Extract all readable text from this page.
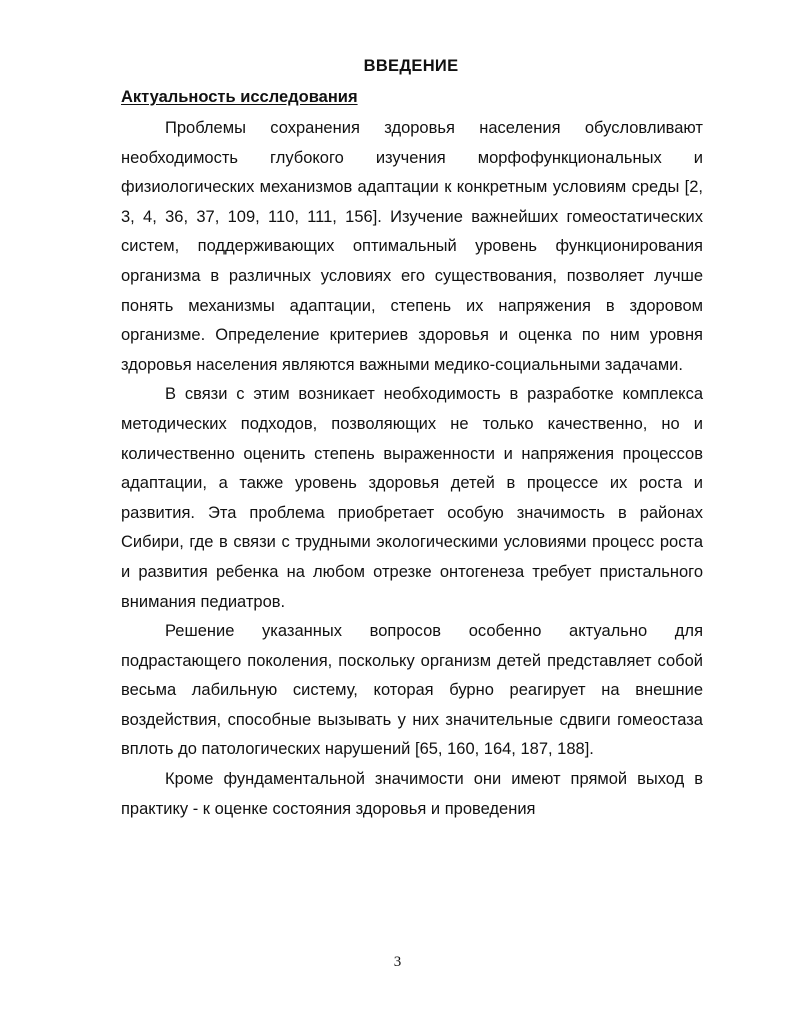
ВВЕДЕНИЕ
Актуальность исследования

Проблемы сохранения здоровья населения обусловливают необходимость глубокого изучения морфофункциональных и физиологических механизмов адаптации к конкретным условиям среды [2, 3, 4, 36, 37, 109, 110, 111, 156]. Изучение важнейших гомеостатических систем, поддерживающих оптимальный уровень функционирования организма в различных условиях его существования, позволяет лучше понять механизмы адаптации, степень их напряжения в здоровом организме. Определение критериев здоровья и оценка по ним уровня здоровья населения являются важными медико-социальными задачами.

В связи с этим возникает необходимость в разработке комплекса методических подходов, позволяющих не только качественно, но и количественно оценить степень выраженности и напряжения процессов адаптации, а также уровень здоровья детей в процессе их роста и развития. Эта проблема приобретает особую значимость в районах Сибири, где в связи с трудными экологическими условиями процесс роста и развития ребенка на любом отрезке онтогенеза требует пристального внимания педиатров.

Решение указанных вопросов особенно актуально для подрастающего поколения, поскольку организм детей представляет собой весьма лабильную систему, которая бурно реагирует на внешние воздействия, способные вызывать у них значительные сдвиги гомеостаза вплоть до патологических нарушений [65, 160, 164, 187, 188].

Кроме фундаментальной значимости они имеют прямой выход в практику - к оценке состояния здоровья и проведения

3
